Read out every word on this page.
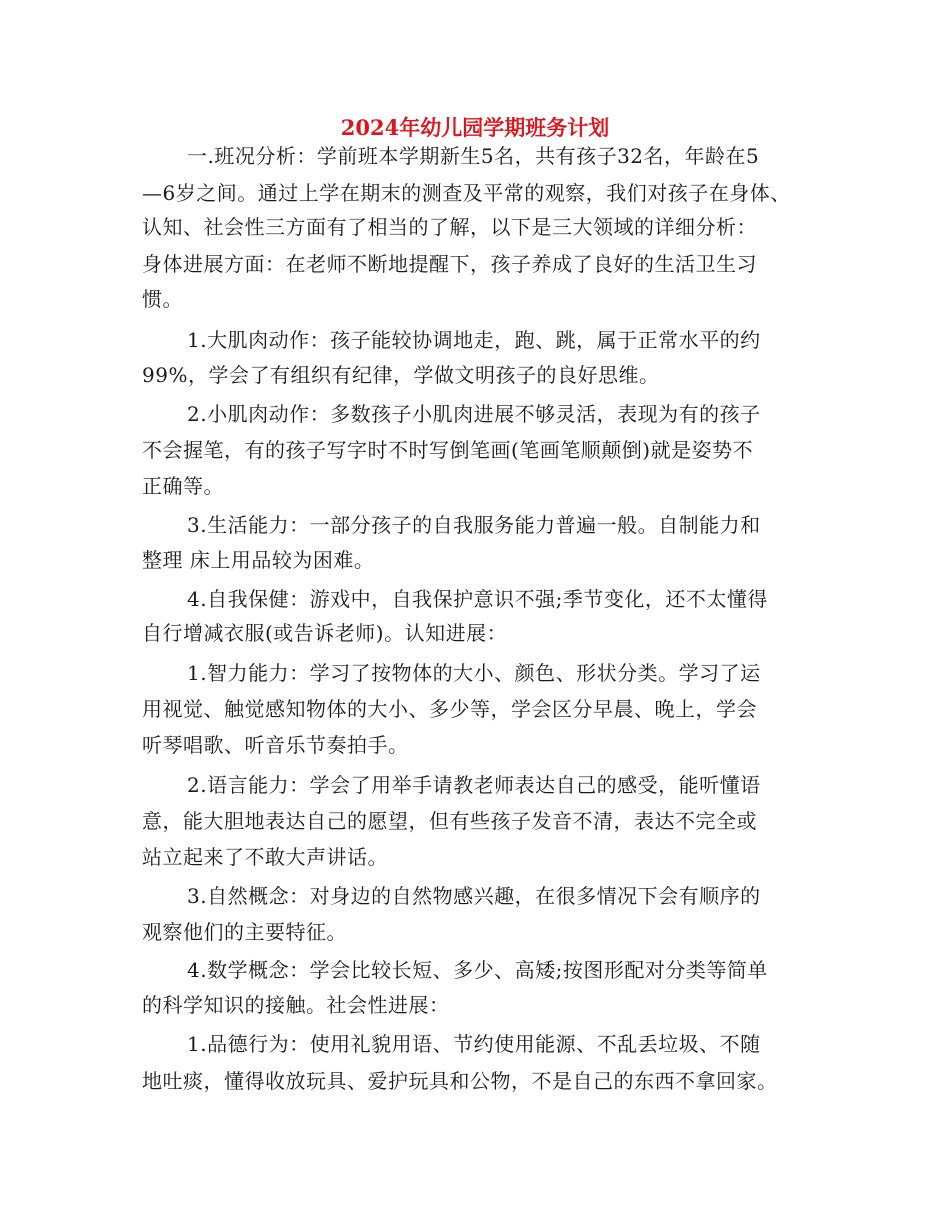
2024年幼儿园学期班务计划
一.班况分析：学前班本学期新生5名，共有孩子32名，年龄在5
—6岁之间。通过上学在期末的测查及平常的观察，我们对孩子在身体、
认知、社会性三方面有了相当的了解，以下是三大领域的详细分析：
身体进展方面：在老师不断地提醒下，孩子养成了良好的生活卫生习
惯。
1.大肌肉动作：孩子能较协调地走，跑、跳，属于正常水平的约
99%，学会了有组织有纪律，学做文明孩子的良好思维。
2.小肌肉动作：多数孩子小肌肉进展不够灵活，表现为有的孩子
不会握笔，有的孩子写字时不时写倒笔画(笔画笔顺颠倒)就是姿势不
正确等。
3.生活能力：一部分孩子的自我服务能力普遍一般。自制能力和
整理 床上用品较为困难。
4.自我保健：游戏中，自我保护意识不强;季节变化，还不太懂得
自行增减衣服(或告诉老师)。认知进展：
1.智力能力：学习了按物体的大小、颜色、形状分类。学习了运
用视觉、触觉感知物体的大小、多少等，学会区分早晨、晚上，学会
听琴唱歌、听音乐节奏拍手。
2.语言能力：学会了用举手请教老师表达自己的感受，能听懂语
意，能大胆地表达自己的愿望，但有些孩子发音不清，表达不完全或
站立起来了不敢大声讲话。
3.自然概念：对身边的自然物感兴趣，在很多情况下会有顺序的
观察他们的主要特征。
4.数学概念：学会比较长短、多少、高矮;按图形配对分类等简单
的科学知识的接触。社会性进展：
1.品德行为：使用礼貌用语、节约使用能源、不乱丢垃圾、不随
地吐痰，懂得收放玩具、爱护玩具和公物，不是自己的东西不拿回家。
